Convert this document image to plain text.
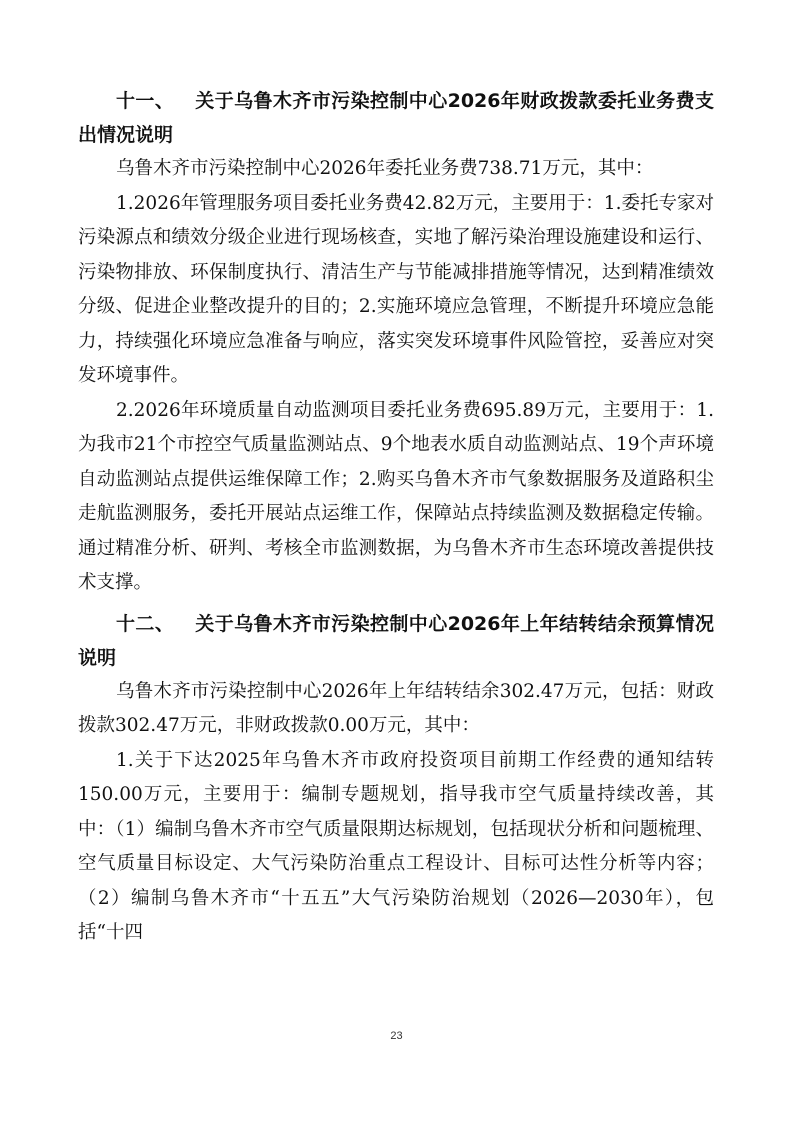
十一、   关于乌鲁木齐市污染控制中心2026年财政拨款委托业务费支出情况说明

乌鲁木齐市污染控制中心2026年委托业务费738.71万元，其中：

1.2026年管理服务项目委托业务费42.82万元，主要用于：1.委托专家对污染源点和绩效分级企业进行现场核查，实地了解污染治理设施建设和运行、污染物排放、环保制度执行、清洁生产与节能减排措施等情况，达到精准绩效分级、促进企业整改提升的目的；2.实施环境应急管理，不断提升环境应急能力，持续强化环境应急准备与响应，落实突发环境事件风险管控，妥善应对突发环境事件。

2.2026年环境质量自动监测项目委托业务费695.89万元，主要用于：1.为我市21个市控空气质量监测站点、9个地表水质自动监测站点、19个声环境自动监测站点提供运维保障工作；2.购买乌鲁木齐市气象数据服务及道路积尘走航监测服务，委托开展站点运维工作，保障站点持续监测及数据稳定传输。通过精准分析、研判、考核全市监测数据，为乌鲁木齐市生态环境改善提供技术支撑。

十二、   关于乌鲁木齐市污染控制中心2026年上年结转结余预算情况说明

乌鲁木齐市污染控制中心2026年上年结转结余302.47万元，包括：财政拨款302.47万元，非财政拨款0.00万元，其中：

1.关于下达2025年乌鲁木齐市政府投资项目前期工作经费的通知结转150.00万元，主要用于：编制专题规划，指导我市空气质量持续改善，其中：（1）编制乌鲁木齐市空气质量限期达标规划，包括现状分析和问题梳理、空气质量目标设定、大气污染防治重点工程设计、目标可达性分析等内容；（2）编制乌鲁木齐市“十五五”大气污染防治规划（2026—2030年），包括“十四

23
